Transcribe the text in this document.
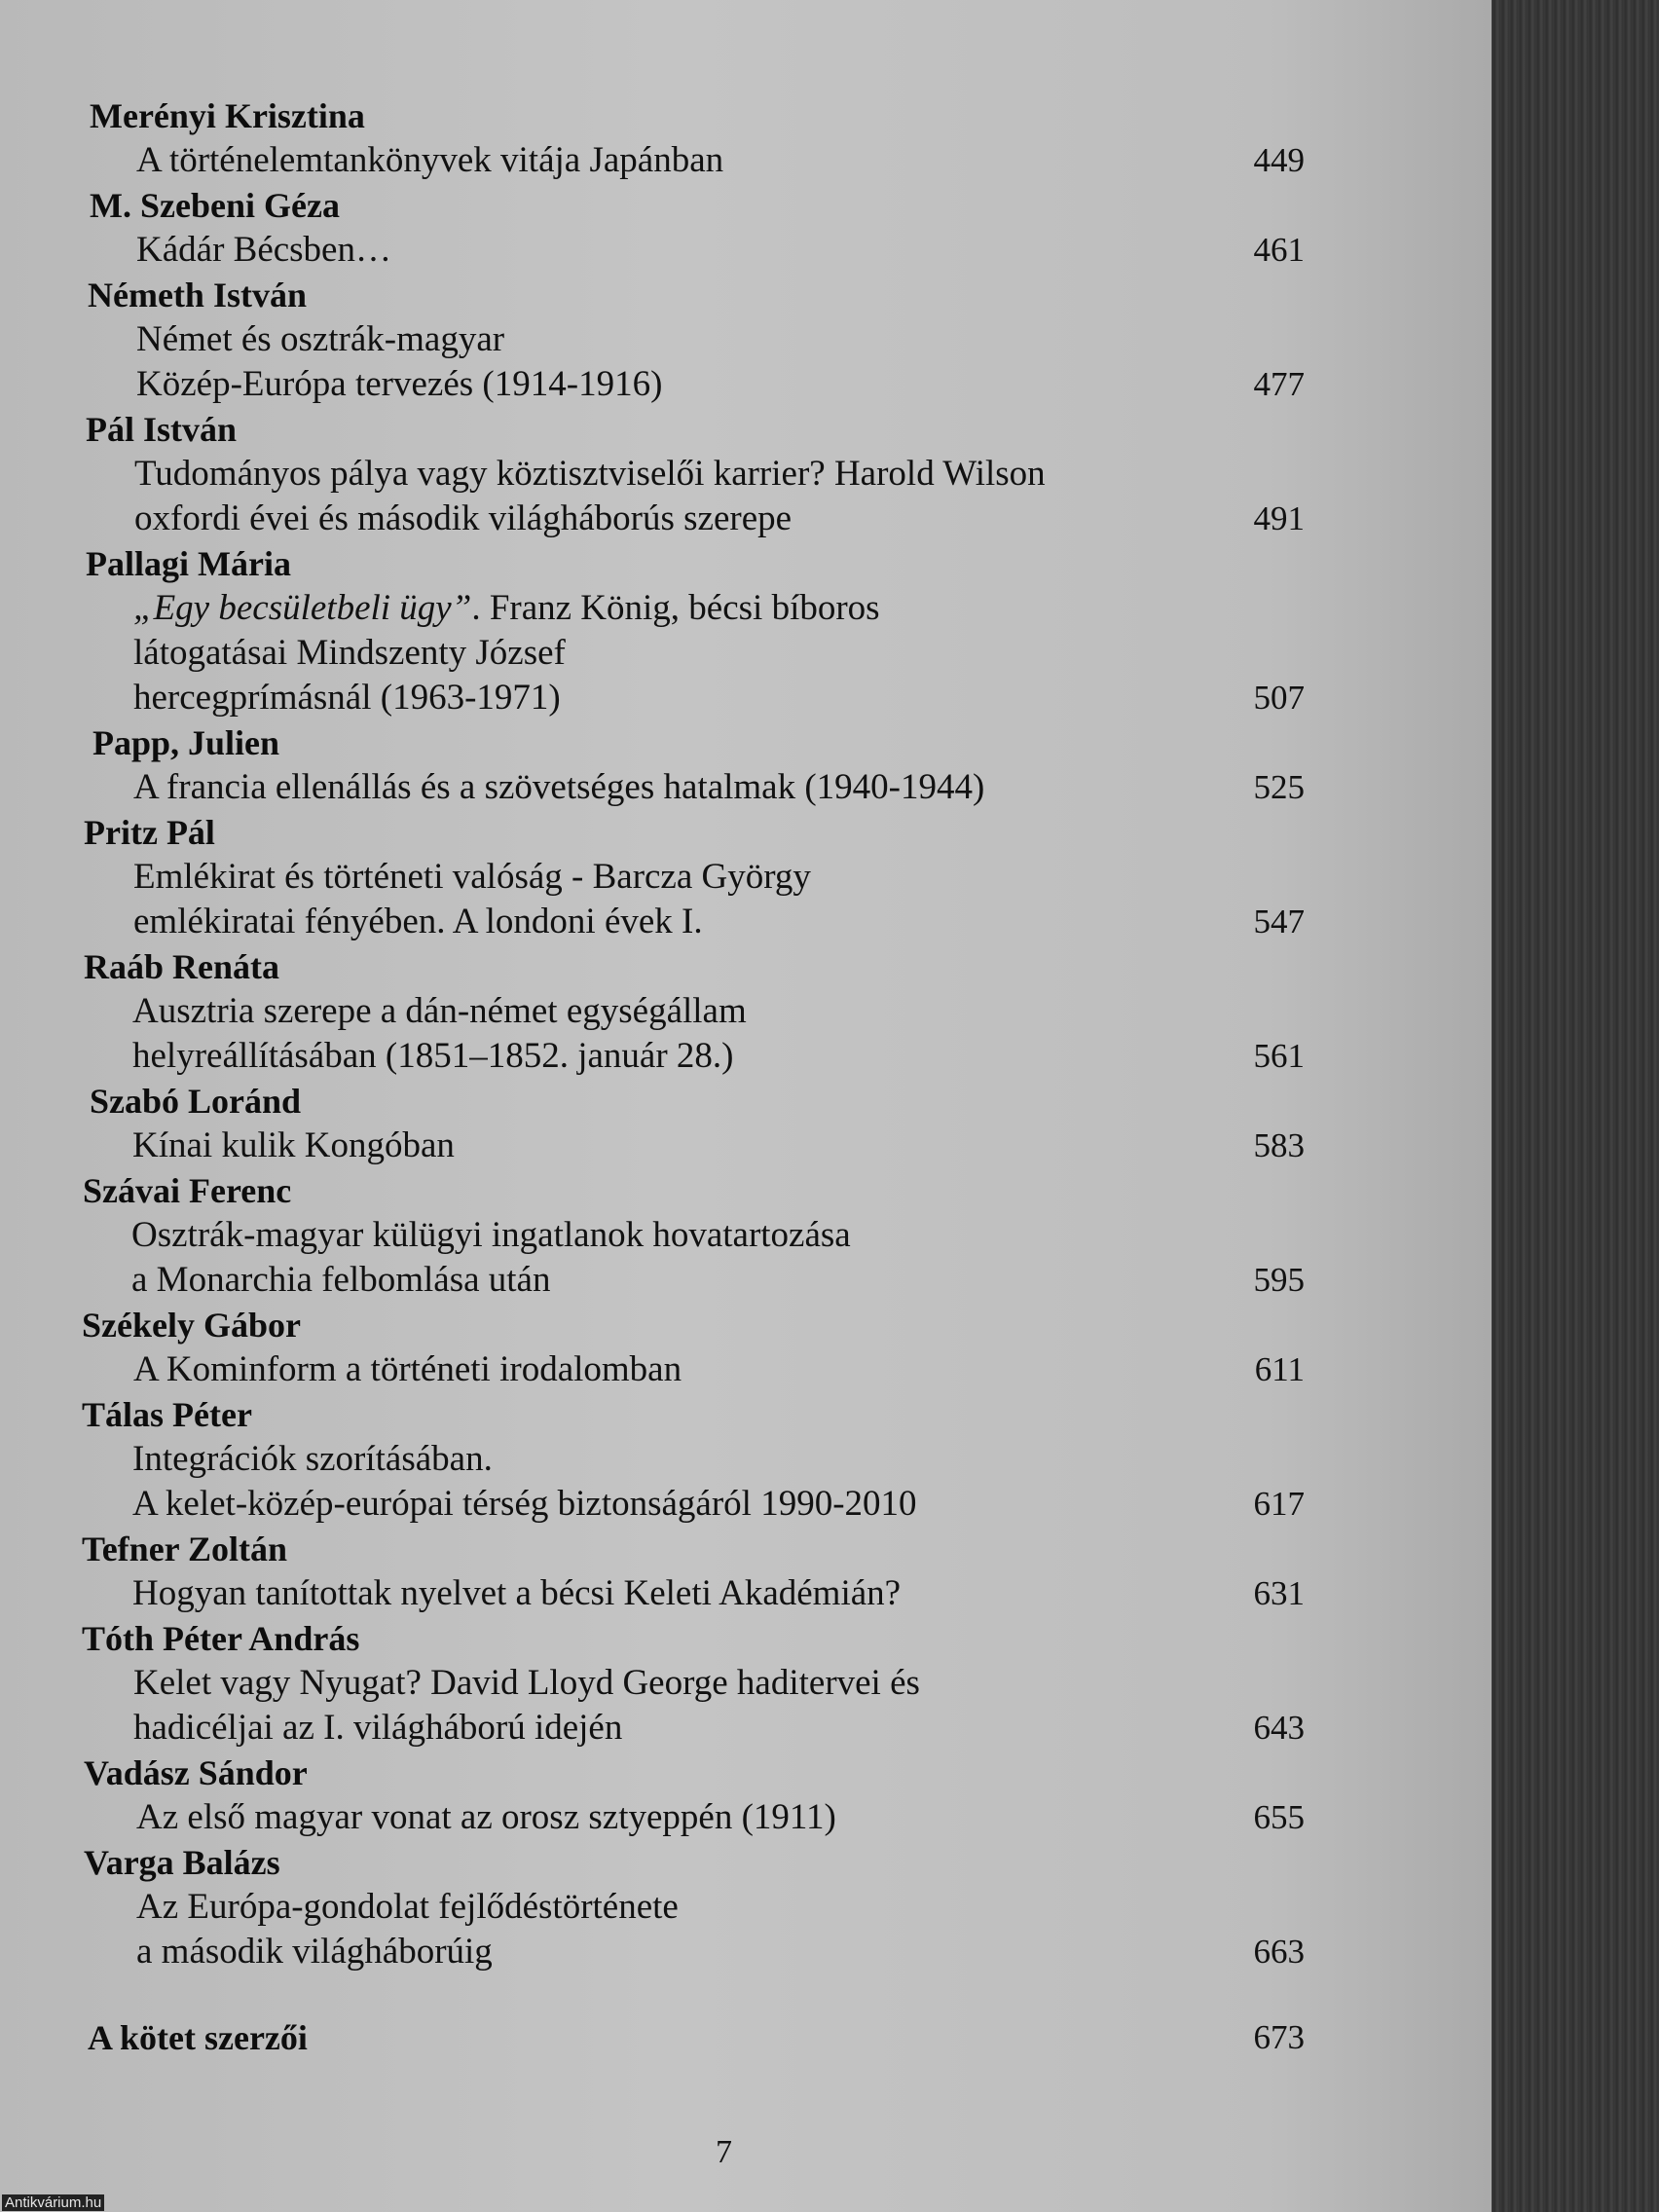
Merényi Krisztina
A történelemtankönyvek vitája Japánban	449
M. Szebeni Géza
Kádár Bécsben…	461
Németh István
Német és osztrák-magyar
Közép-Európa tervezés (1914-1916)	477
Pál István
Tudományos pálya vagy köztisztviselői karrier? Harold Wilson
oxfordi évei és második világháborús szerepe	491
Pallagi Mária
„Egy becsületbeli ügy”. Franz König, bécsi bíboros
látogatásai Mindszenty József
hercegprímásnál (1963-1971)	507
Papp, Julien
A francia ellenállás és a szövetséges hatalmak (1940-1944)	525
Pritz Pál
Emlékirat és történeti valóság - Barcza György
emlékiratai fényében. A londoni évek I.	547
Raáb Renáta
Ausztria szerepe a dán-német egységállam
helyreállításában (1851–1852. január 28.)	561
Szabó Loránd
Kínai kulik Kongóban	583
Szávai Ferenc
Osztrák-magyar külügyi ingatlanok hovatartozása
a Monarchia felbomlása után	595
Székely Gábor
A Kominform a történeti irodalomban	611
Tálas Péter
Integrációk szorításában.
A kelet-közép-európai térség biztonságáról 1990-2010	617
Tefner Zoltán
Hogyan tanítottak nyelvet a bécsi Keleti Akadémián?	631
Tóth Péter András
Kelet vagy Nyugat? David Lloyd George haditervei és
hadicéljai az I. világháború idején	643
Vadász Sándor
Az első magyar vonat az orosz sztyeppén (1911)	655
Varga Balázs
Az Európa-gondolat fejlődéstörténete
a második világháborúig	663
A kötet szerzői	673
7
Antikvárium.hu
